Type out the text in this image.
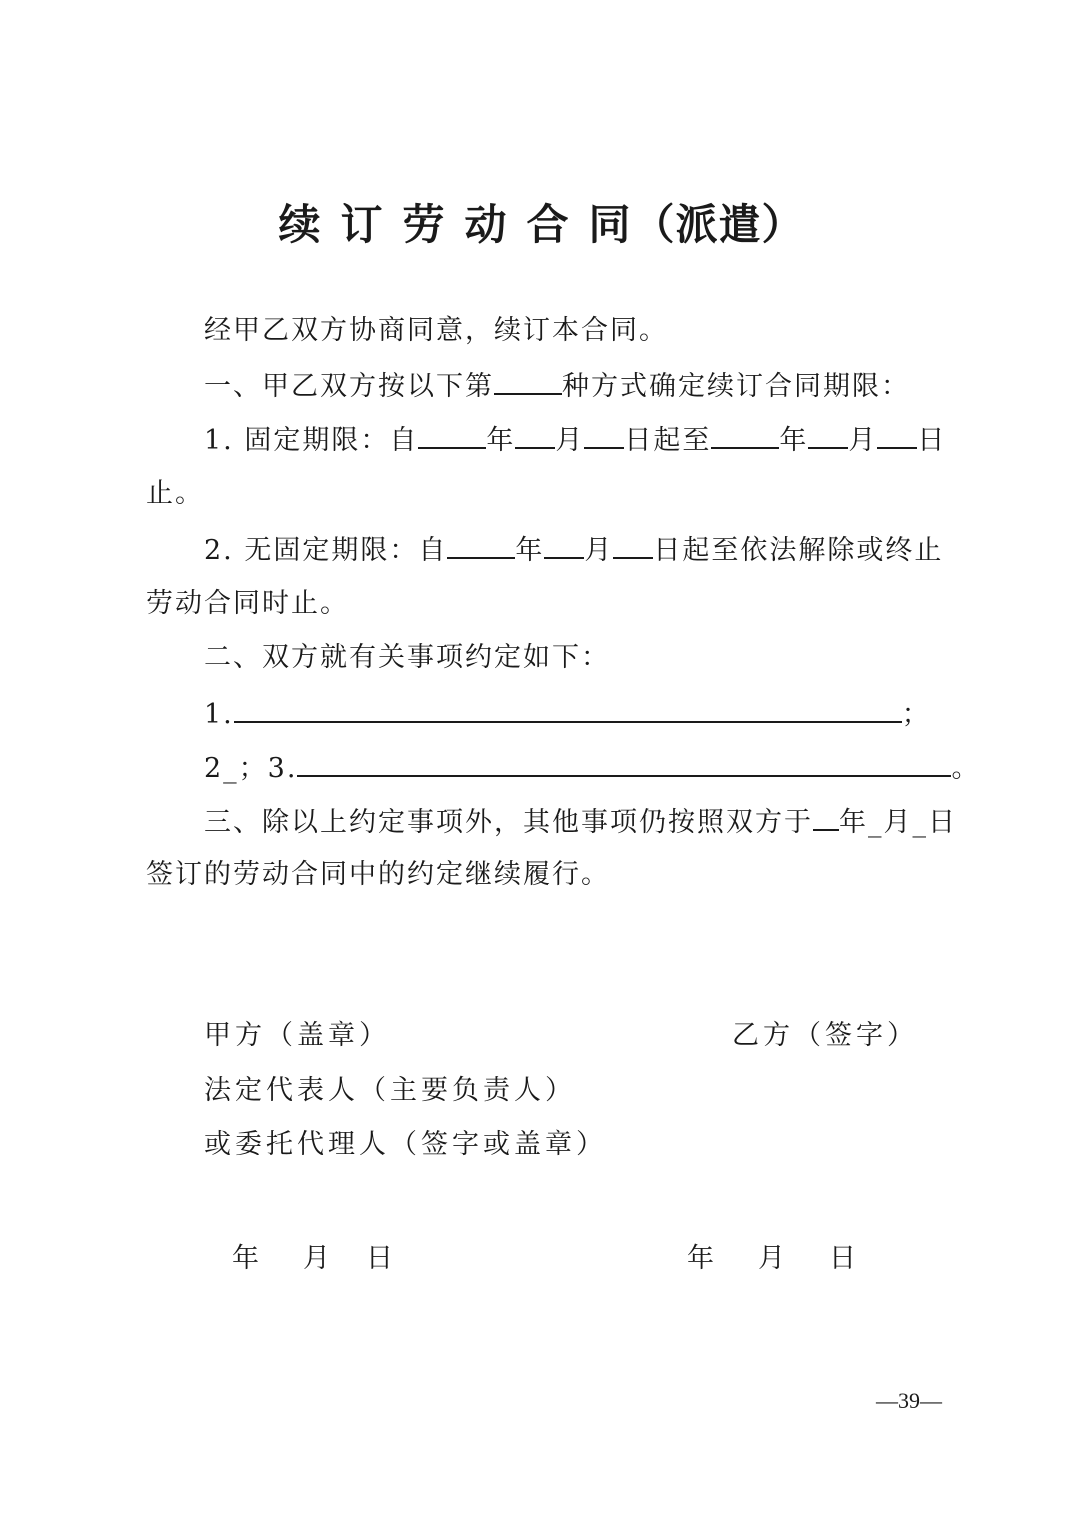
续 订 劳 动 合 同（派遣）
经甲乙双方协商同意，续订本合同。
一、甲乙双方按以下第	种方式确定续订合同期限：
1. 固定期限：自	年 月 日起至	年 月 日
止。
2. 无固定期限：自	年 月 日起至依法解除或终止
劳动合同时止。
二、双方就有关事项约定如下：
1.	；
2_；3.	。
三、除以上约定事项外，其他事项仍按照双方于 年_月_日
签订的劳动合同中的约定继续履行。
甲方（盖章）	乙方（签字）
法定代表人（主要负责人）
或委托代理人（签字或盖章）
年 月 日	年 月 日
—39—
